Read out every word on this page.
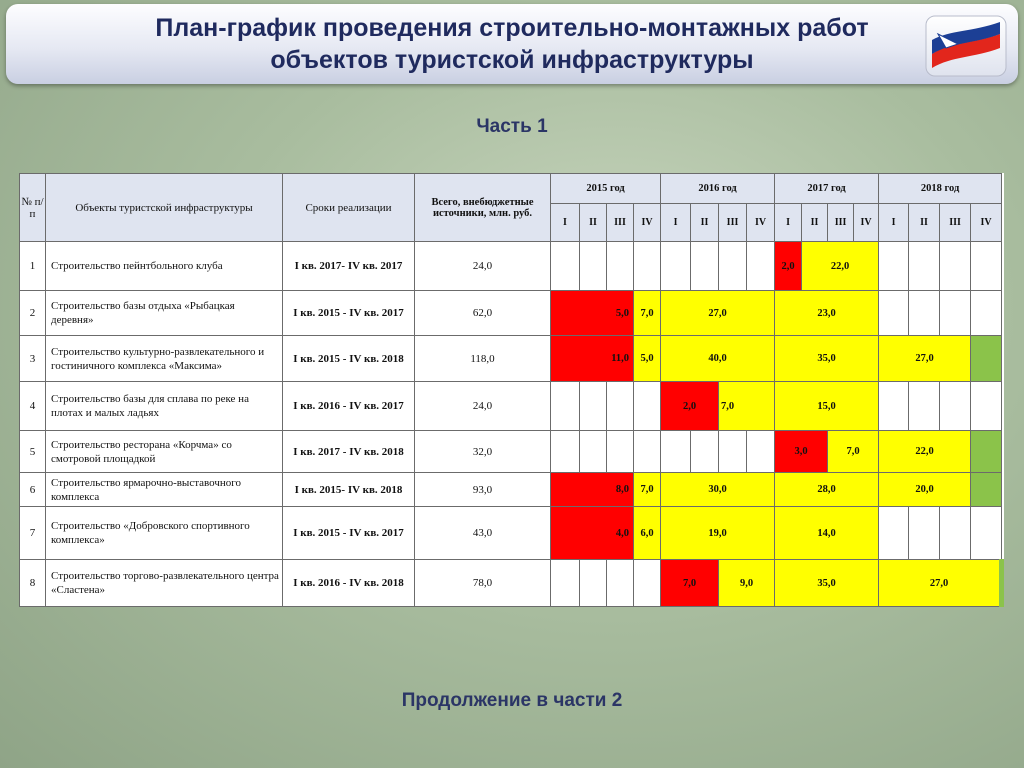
План-график проведения строительно-монтажных работ
объектов туристской инфраструктуры
Часть 1
№ п/п	Объекты туристской инфраструктуры	Сроки реализации	Всего, внебюджетные источники, млн. руб.	2015 год				2016 год				2017 год				2018 год			
				I	II	III	IV	I	II	III	IV	I	II	III	IV	I	II	III	IV
1	Строительство пейнтбольного клуба	I кв. 2017- IV кв. 2017	24,0									2,0	22,0						
2	Строительство базы отдыха «Рыбацкая деревня»	I кв. 2015 - IV кв. 2017	62,0	5,0			7,0	27,0				23,0							
3	Строительство культурно-развлекательного и гостиничного комплекса «Максима»	I кв. 2015 - IV кв. 2018	118,0	11,0			5,0	40,0				35,0				27,0			
4	Строительство базы для сплава по реке на плотах и малых ладьях	I кв. 2016 - IV кв. 2017	24,0					2,0		7,0		15,0							
5	Строительство ресторана «Корчма» со смотровой площадкой	I кв. 2017 - IV кв. 2018	32,0									3,0		7,0		22,0			
6	Строительство ярмарочно-выставочного комплекса	I кв. 2015- IV кв. 2018	93,0	8,0			7,0	30,0				28,0				20,0			
7	Строительство «Добровского спортивного комплекса»	I кв. 2015 - IV кв. 2017	43,0	4,0			6,0	19,0				14,0							
8	Строительство торгово-развлекательного центра «Сластена»	I кв. 2016 - IV кв. 2018	78,0					7,0		9,0		35,0				27,0			
Продолжение в части 2
